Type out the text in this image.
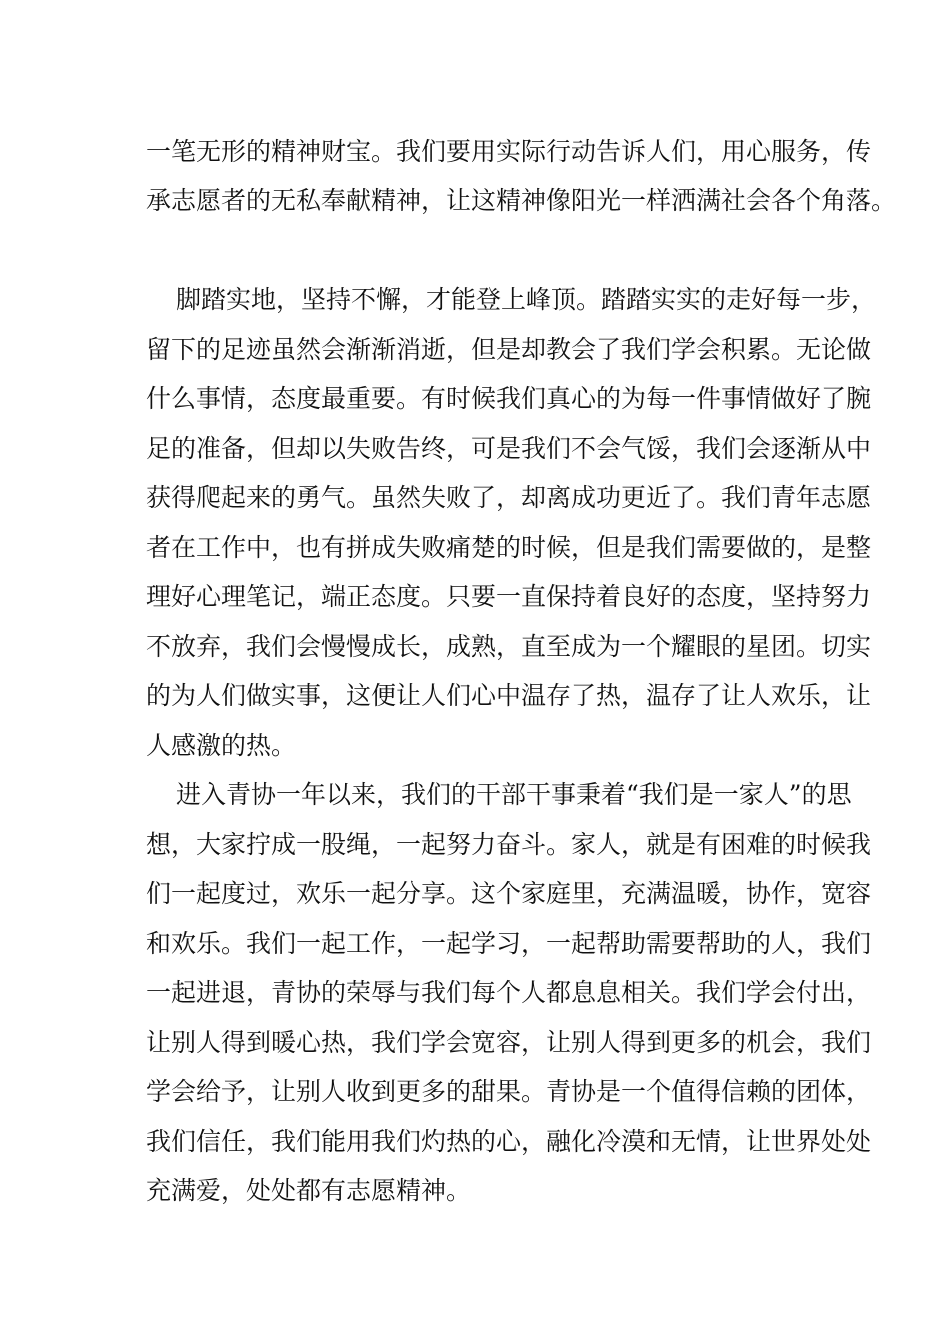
一笔无形的精神财宝。我们要用实际行动告诉人们，用心服务，传
承志愿者的无私奉献精神，让这精神像阳光一样洒满社会各个角落。
脚踏实地，坚持不懈，才能登上峰顶。踏踏实实的走好每一步，
留下的足迹虽然会渐渐消逝，但是却教会了我们学会积累。无论做
什么事情，态度最重要。有时候我们真心的为每一件事情做好了腕
足的准备，但却以失败告终，可是我们不会气馁，我们会逐渐从中
获得爬起来的勇气。虽然失败了，却离成功更近了。我们青年志愿
者在工作中，也有拼成失败痛楚的时候，但是我们需要做的，是整
理好心理笔记，端正态度。只要一直保持着良好的态度，坚持努力
不放弃，我们会慢慢成长，成熟，直至成为一个耀眼的星团。切实
的为人们做实事，这便让人们心中温存了热，温存了让人欢乐，让
人感激的热。
进入青协一年以来，我们的干部干事秉着“我们是一家人”的思
想，大家拧成一股绳，一起努力奋斗。家人，就是有困难的时候我
们一起度过，欢乐一起分享。这个家庭里，充满温暖，协作，宽容
和欢乐。我们一起工作，一起学习，一起帮助需要帮助的人，我们
一起进退，青协的荣辱与我们每个人都息息相关。我们学会付出，
让别人得到暖心热，我们学会宽容，让别人得到更多的机会，我们
学会给予，让别人收到更多的甜果。青协是一个值得信赖的团体，
我们信任，我们能用我们灼热的心，融化冷漠和无情，让世界处处
充满爱，处处都有志愿精神。
